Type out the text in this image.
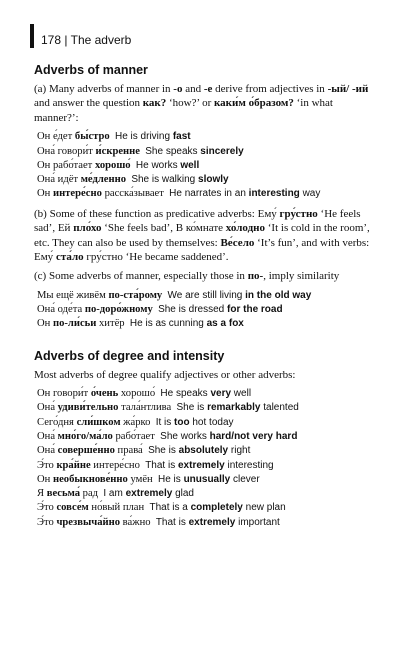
178 | The adverb
Adverbs of manner
(a) Many adverbs of manner in -о and -е derive from adjectives in -ый/ -ий and answer the question как? ‘how?’ or каки́м о́бразом? ‘in what manner?’:
Он е́дет бы́стро He is driving fast
Она́ говори́т и́скренне She speaks sincerely
Он рабо́тает хорошо́ He works well
Она́ идёт ме́дленно She is walking slowly
Он интере́сно расска́зывает He narrates in an interesting way
(b) Some of these function as predicative adverbs: Ему́ гру́стно ‘He feels sad’, Ей пло́хо ‘She feels bad’, В ко́мнате хо́лодно ‘It is cold in the room’, etc. They can also be used by themselves: Ве́село ‘It’s fun’, and with verbs: Ему́ ста́ло гру́стно ‘He became saddened’.
(c) Some adverbs of manner, especially those in по-, imply similarity
Мы ещё живём по-ста́рому We are still living in the old way
Она́ оде́та по-доро́жному She is dressed for the road
Он по-ли́сьи хитёр He is as cunning as a fox
Adverbs of degree and intensity
Most adverbs of degree qualify adjectives or other adverbs:
Он говори́т о́чень хорошо́ He speaks very well
Она́ удиви́тельно тала́нтлива She is remarkably talented
Сего́дня сли́шком жа́рко It is too hot today
Она́ мно́го/ма́ло рабо́тает She works hard/not very hard
Она́ соверше́нно права́ She is absolutely right
Э́то кра́йне интере́сно That is extremely interesting
Он необыкнове́нно умён He is unusually clever
Я весьма́ рад I am extremely glad
Э́то совсе́м но́вый план That is a completely new plan
Э́то чрезвыча́йно ва́жно That is extremely important
